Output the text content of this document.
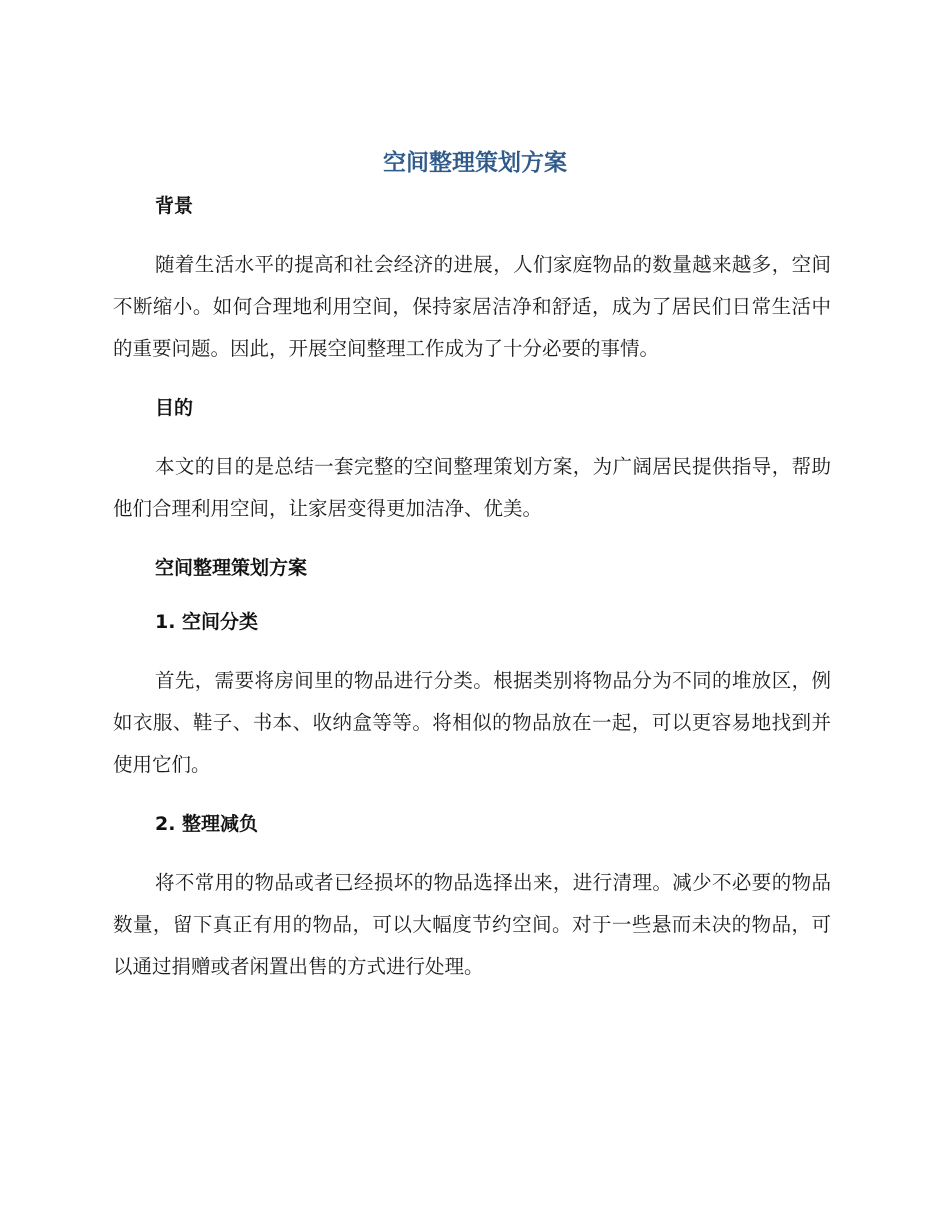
空间整理策划方案
背景

随着生活水平的提高和社会经济的进展，人们家庭物品的数量越来越多，空间不断缩小。如何合理地利用空间，保持家居洁净和舒适，成为了居民们日常生活中的重要问题。因此，开展空间整理工作成为了十分必要的事情。

目的

本文的目的是总结一套完整的空间整理策划方案，为广阔居民提供指导，帮助他们合理利用空间，让家居变得更加洁净、优美。

空间整理策划方案
1. 空间分类

首先，需要将房间里的物品进行分类。根据类别将物品分为不同的堆放区，例如衣服、鞋子、书本、收纳盒等等。将相似的物品放在一起，可以更容易地找到并使用它们。

2. 整理减负

将不常用的物品或者已经损坏的物品选择出来，进行清理。减少不必要的物品数量，留下真正有用的物品，可以大幅度节约空间。对于一些悬而未决的物品，可以通过捐赠或者闲置出售的方式进行处理。
